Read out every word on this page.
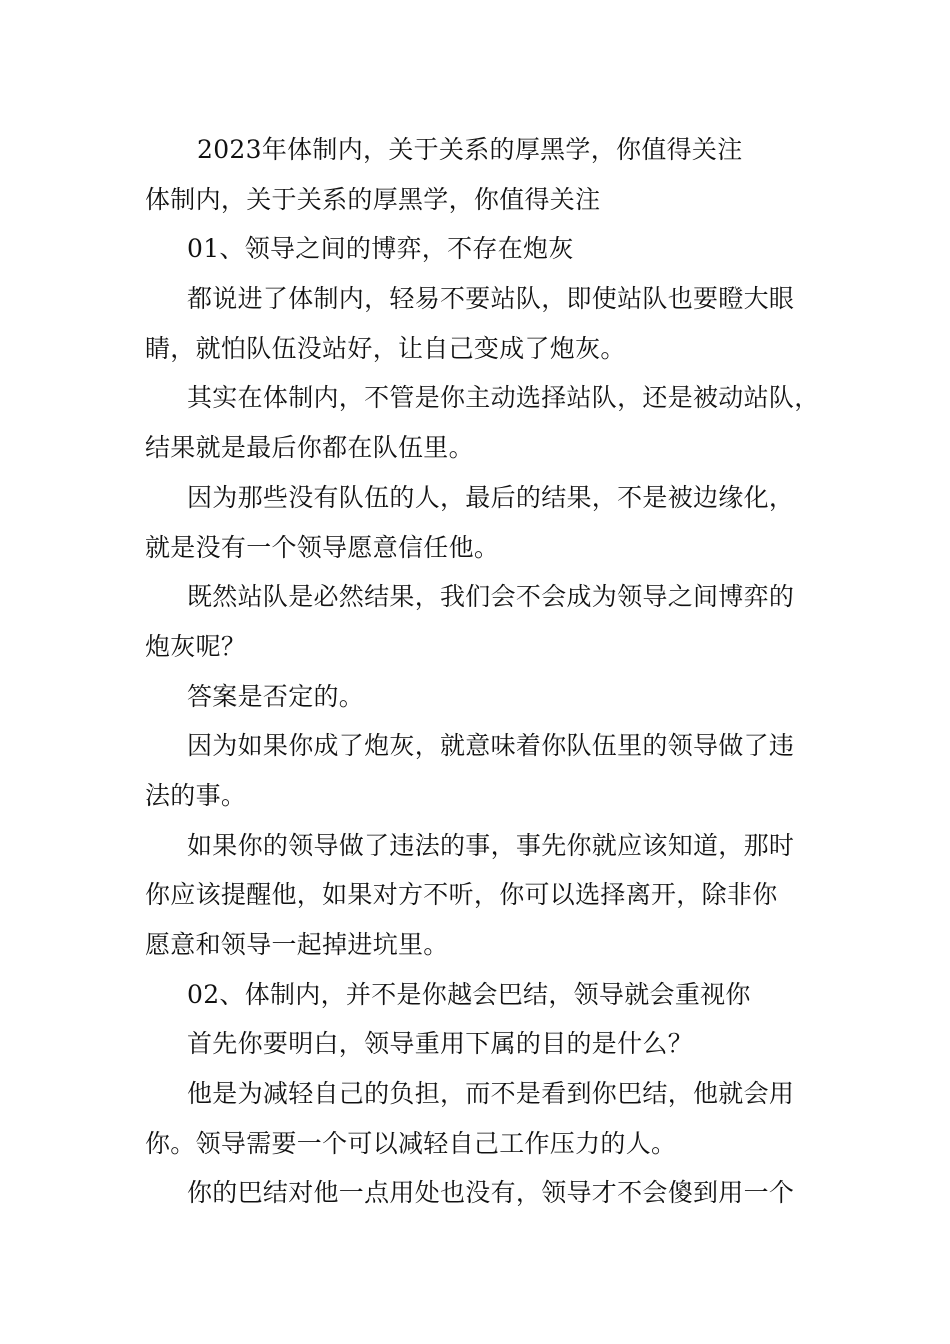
2023年体制内，关于关系的厚黑学，你值得关注
体制内，关于关系的厚黑学，你值得关注
01、领导之间的博弈，不存在炮灰
都说进了体制内，轻易不要站队，即使站队也要瞪大眼
睛，就怕队伍没站好，让自己变成了炮灰。
其实在体制内，不管是你主动选择站队，还是被动站队，
结果就是最后你都在队伍里。
因为那些没有队伍的人，最后的结果，不是被边缘化，
就是没有一个领导愿意信任他。
既然站队是必然结果，我们会不会成为领导之间博弈的
炮灰呢？
答案是否定的。
因为如果你成了炮灰，就意味着你队伍里的领导做了违
法的事。
如果你的领导做了违法的事，事先你就应该知道，那时
你应该提醒他，如果对方不听，你可以选择离开，除非你
愿意和领导一起掉进坑里。
02、体制内，并不是你越会巴结，领导就会重视你
首先你要明白，领导重用下属的目的是什么？
他是为减轻自己的负担，而不是看到你巴结，他就会用
你。领导需要一个可以减轻自己工作压力的人。
你的巴结对他一点用处也没有，领导才不会傻到用一个
